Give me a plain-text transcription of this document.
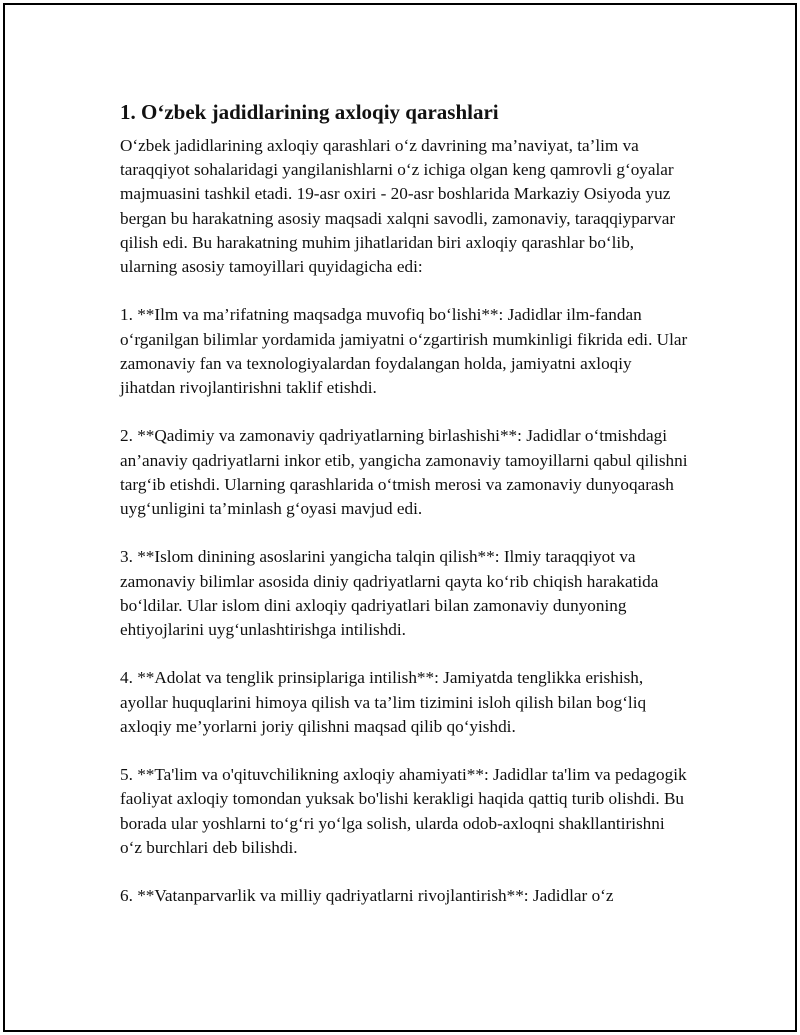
1. O‘zbek jadidlarining axloqiy qarashlari

O‘zbek jadidlarining axloqiy qarashlari o‘z davrining ma’naviyat, ta’lim va taraqqiyot sohalaridagi yangilanishlarni o‘z ichiga olgan keng qamrovli g‘oyalar majmuasini tashkil etadi. 19-asr oxiri - 20-asr boshlarida Markaziy Osiyoda yuz bergan bu harakatning asosiy maqsadi xalqni savodli, zamonaviy, taraqqiyparvar qilish edi. Bu harakatning muhim jihatlaridan biri axloqiy qarashlar bo‘lib, ularning asosiy tamoyillari quyidagicha edi:

1. **Ilm va ma’rifatning maqsadga muvofiq bo‘lishi**: Jadidlar ilm-fandan o‘rganilgan bilimlar yordamida jamiyatni o‘zgartirish mumkinligi fikrida edi. Ular zamonaviy fan va texnologiyalardan foydalangan holda, jamiyatni axloqiy jihatdan rivojlantirishni taklif etishdi.

2. **Qadimiy va zamonaviy qadriyatlarning birlashishi**: Jadidlar o‘tmishdagi an’anaviy qadriyatlarni inkor etib, yangicha zamonaviy tamoyillarni qabul qilishni targ‘ib etishdi. Ularning qarashlarida o‘tmish merosi va zamonaviy dunyoqarash uyg‘unligini ta’minlash g‘oyasi mavjud edi.

3. **Islom dinining asoslarini yangicha talqin qilish**: Ilmiy taraqqiyot va zamonaviy bilimlar asosida diniy qadriyatlarni qayta ko‘rib chiqish harakatida bo‘ldilar. Ular islom dini axloqiy qadriyatlari bilan zamonaviy dunyoning ehtiyojlarini uyg‘unlashtirishga intilishdi.

4. **Adolat va tenglik prinsiplariga intilish**: Jamiyatda tenglikka erishish, ayollar huquqlarini himoya qilish va ta’lim tizimini isloh qilish bilan bog‘liq axloqiy me’yorlarni joriy qilishni maqsad qilib qo‘yishdi.

5. **Ta'lim va o'qituvchilikning axloqiy ahamiyati**: Jadidlar ta'lim va pedagogik faoliyat axloqiy tomondan yuksak bo'lishi kerakligi haqida qattiq turib olishdi. Bu borada ular yoshlarni to‘g‘ri yo‘lga solish, ularda odob-axloqni shakllantirishni o‘z burchlari deb bilishdi.

6. **Vatanparvarlik va milliy qadriyatlarni rivojlantirish**: Jadidlar o‘z
